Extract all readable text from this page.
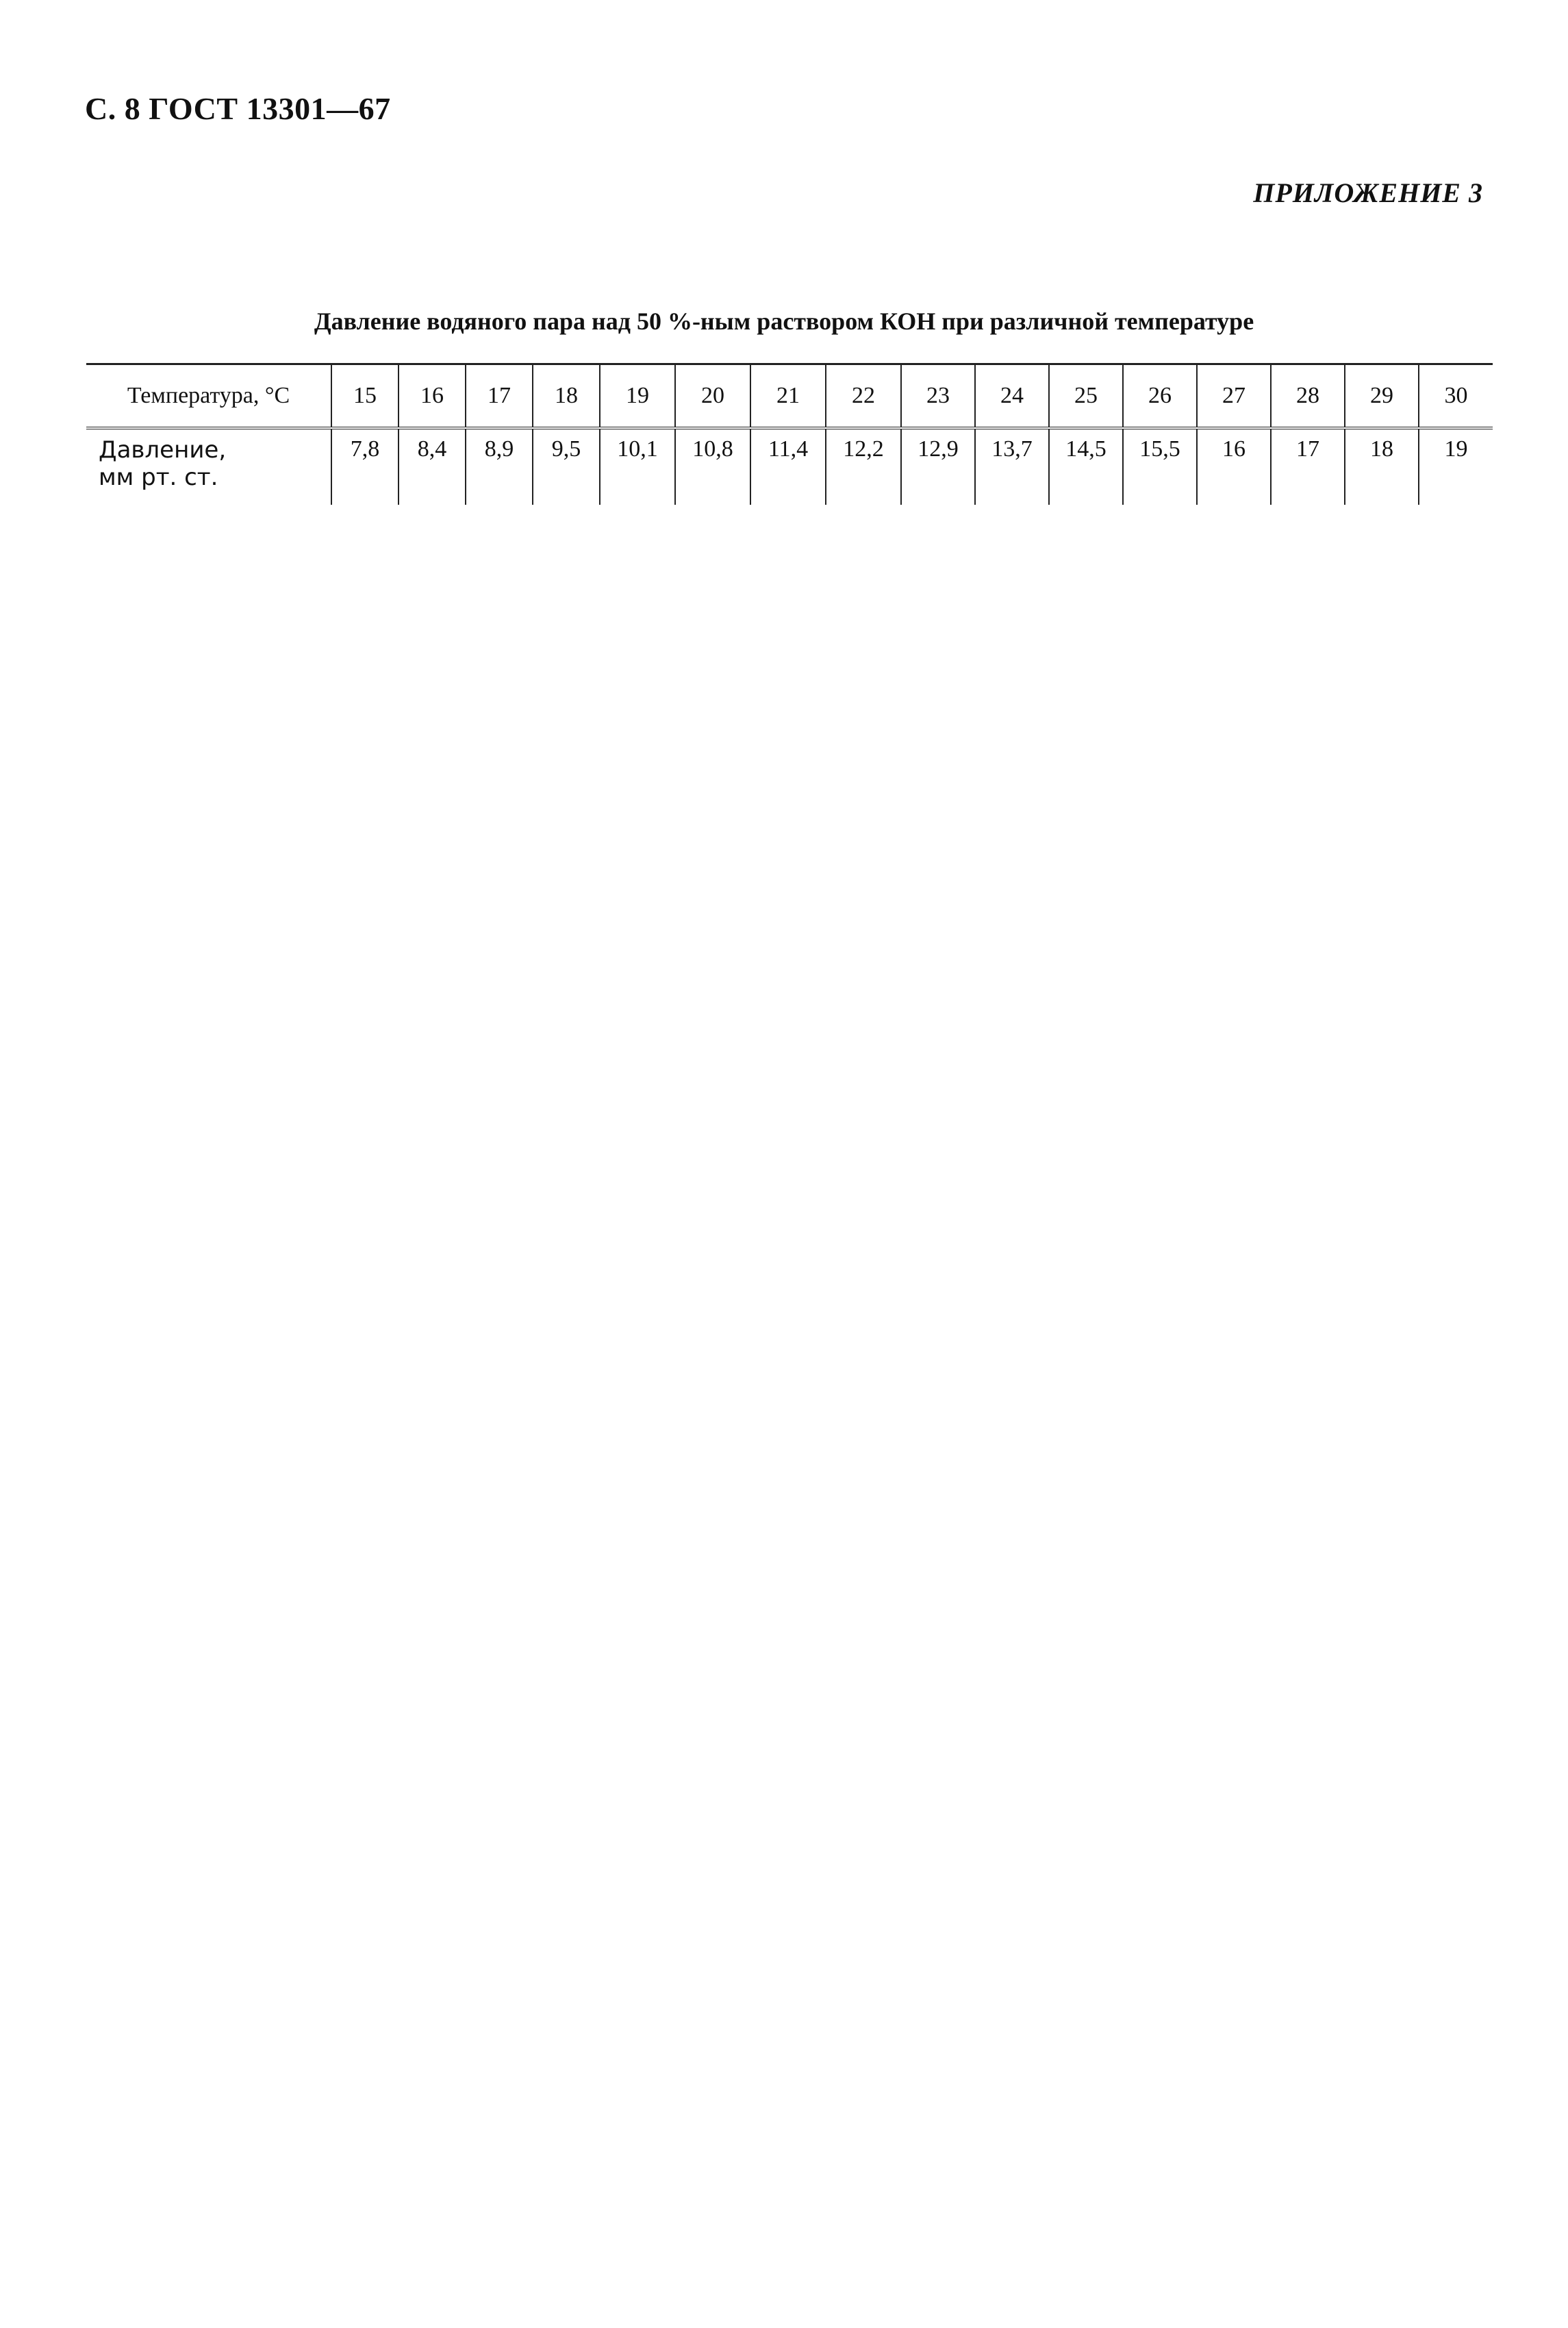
С. 8 ГОСТ 13301—67
ПРИЛОЖЕНИЕ 3
Давление водяного пара над 50 %-ным раствором КОН при различной температуре
Температура, °С	15	16	17	18	19	20	21	22	23	24	25	26	27	28	29	30

Давление,
мм рт. ст.	7,8	8,4	8,9	9,5	10,1	10,8	11,4	12,2	12,9	13,7	14,5	15,5	16	17	18	19
